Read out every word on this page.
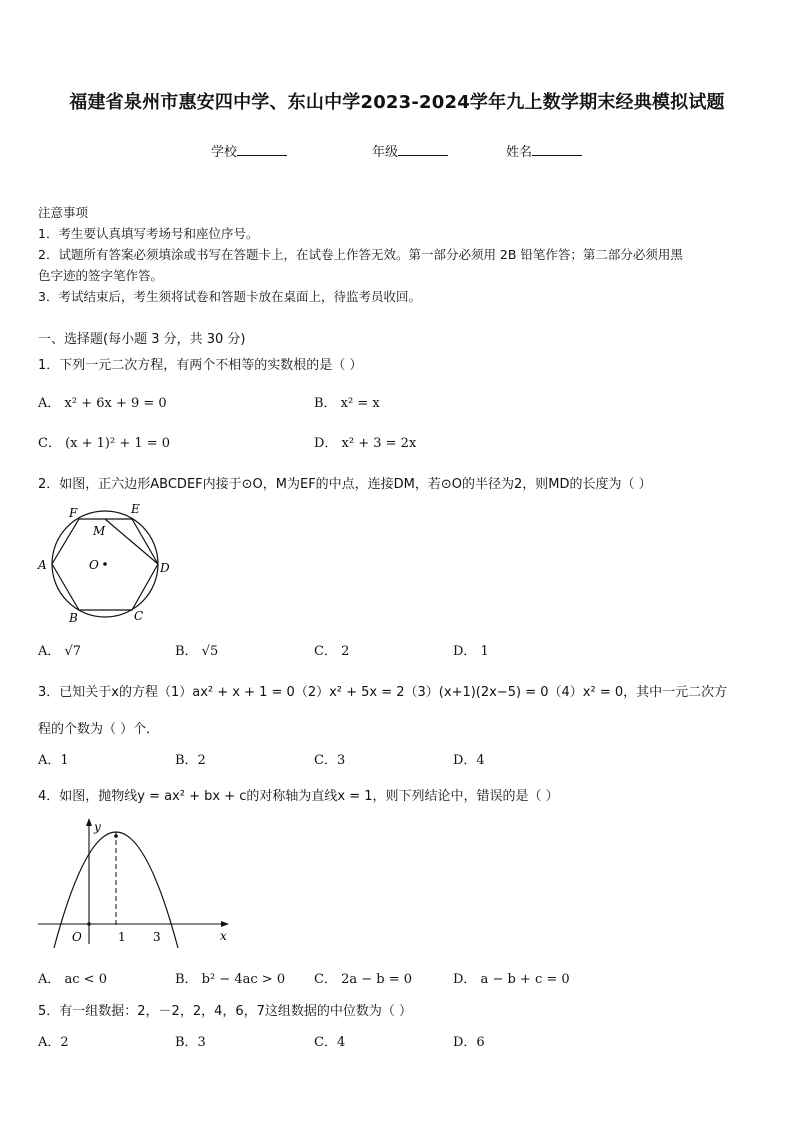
福建省泉州市惠安四中学、东山中学2023-2024学年九上数学期末经典模拟试题
学校	年级	姓名
注意事项
1．考生要认真填写考场号和座位序号。
2．试题所有答案必须填涂或书写在答题卡上，在试卷上作答无效。第一部分必须用 2B 铅笔作答；第二部分必须用黑
色字迹的签字笔作答。
3．考试结束后，考生须将试卷和答题卡放在桌面上，待监考员收回。
一、选择题(每小题 3 分，共 30 分)
1．下列一元二次方程，有两个不相等的实数根的是（ ）
A． x² + 6x + 9 = 0	B． x² = x
C． (x + 1)² + 1 = 0	D． x² + 3 = 2x
2．如图，正六边形ABCDEF内接于⊙O，M为EF的中点，连接DM，若⊙O的半径为2，则MD的长度为（ ）
F	E
M
A	O	D
B	C
A． √7	B． √5	C． 2	D． 1
3．已知关于x的方程（1）ax² + x + 1 = 0（2）x² + 5x = 2（3）(x+1)(2x−5) = 0（4）x² = 0，其中一元二次方
程的个数为（ ）个．
A．1	B．2	C．3	D．4
4．如图，抛物线y = ax² + bx + c的对称轴为直线x = 1，则下列结论中，错误的是（ ）
y
x
O	1 3
A． ac < 0	B． b² − 4ac > 0 C． 2a − b = 0	D． a − b + c = 0
5．有一组数据：2，－2，2，4，6，7这组数据的中位数为（ ）
A．2	B．3	C．4	D．6
